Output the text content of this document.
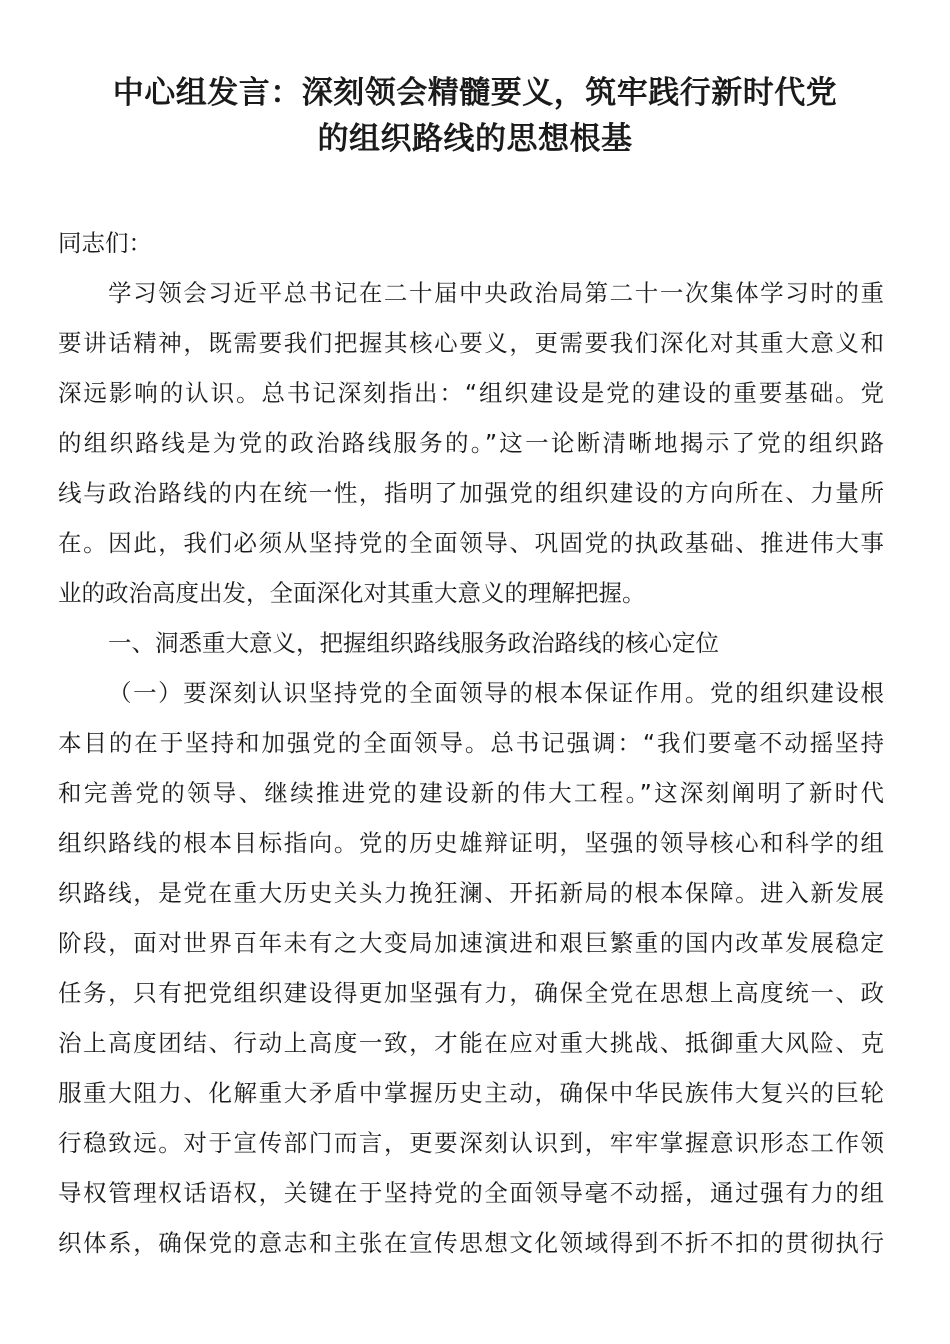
中心组发言：深刻领会精髓要义，筑牢践行新时代党
的组织路线的思想根基
同志们：
学习领会习近平总书记在二十届中央政治局第二十一次集体学习时的重
要讲话精神，既需要我们把握其核心要义，更需要我们深化对其重大意义和
深远影响的认识。总书记深刻指出：“组织建设是党的建设的重要基础。党
的组织路线是为党的政治路线服务的。”这一论断清晰地揭示了党的组织路
线与政治路线的内在统一性，指明了加强党的组织建设的方向所在、力量所
在。因此，我们必须从坚持党的全面领导、巩固党的执政基础、推进伟大事
业的政治高度出发，全面深化对其重大意义的理解把握。
一、洞悉重大意义，把握组织路线服务政治路线的核心定位
（一）要深刻认识坚持党的全面领导的根本保证作用。党的组织建设根
本目的在于坚持和加强党的全面领导。总书记强调：“我们要毫不动摇坚持
和完善党的领导、继续推进党的建设新的伟大工程。”这深刻阐明了新时代
组织路线的根本目标指向。党的历史雄辩证明，坚强的领导核心和科学的组
织路线，是党在重大历史关头力挽狂澜、开拓新局的根本保障。进入新发展
阶段，面对世界百年未有之大变局加速演进和艰巨繁重的国内改革发展稳定
任务，只有把党组织建设得更加坚强有力，确保全党在思想上高度统一、政
治上高度团结、行动上高度一致，才能在应对重大挑战、抵御重大风险、克
服重大阻力、化解重大矛盾中掌握历史主动，确保中华民族伟大复兴的巨轮
行稳致远。对于宣传部门而言，更要深刻认识到，牢牢掌握意识形态工作领
导权管理权话语权，关键在于坚持党的全面领导毫不动摇，通过强有力的组
织体系，确保党的意志和主张在宣传思想文化领域得到不折不扣的贯彻执行
